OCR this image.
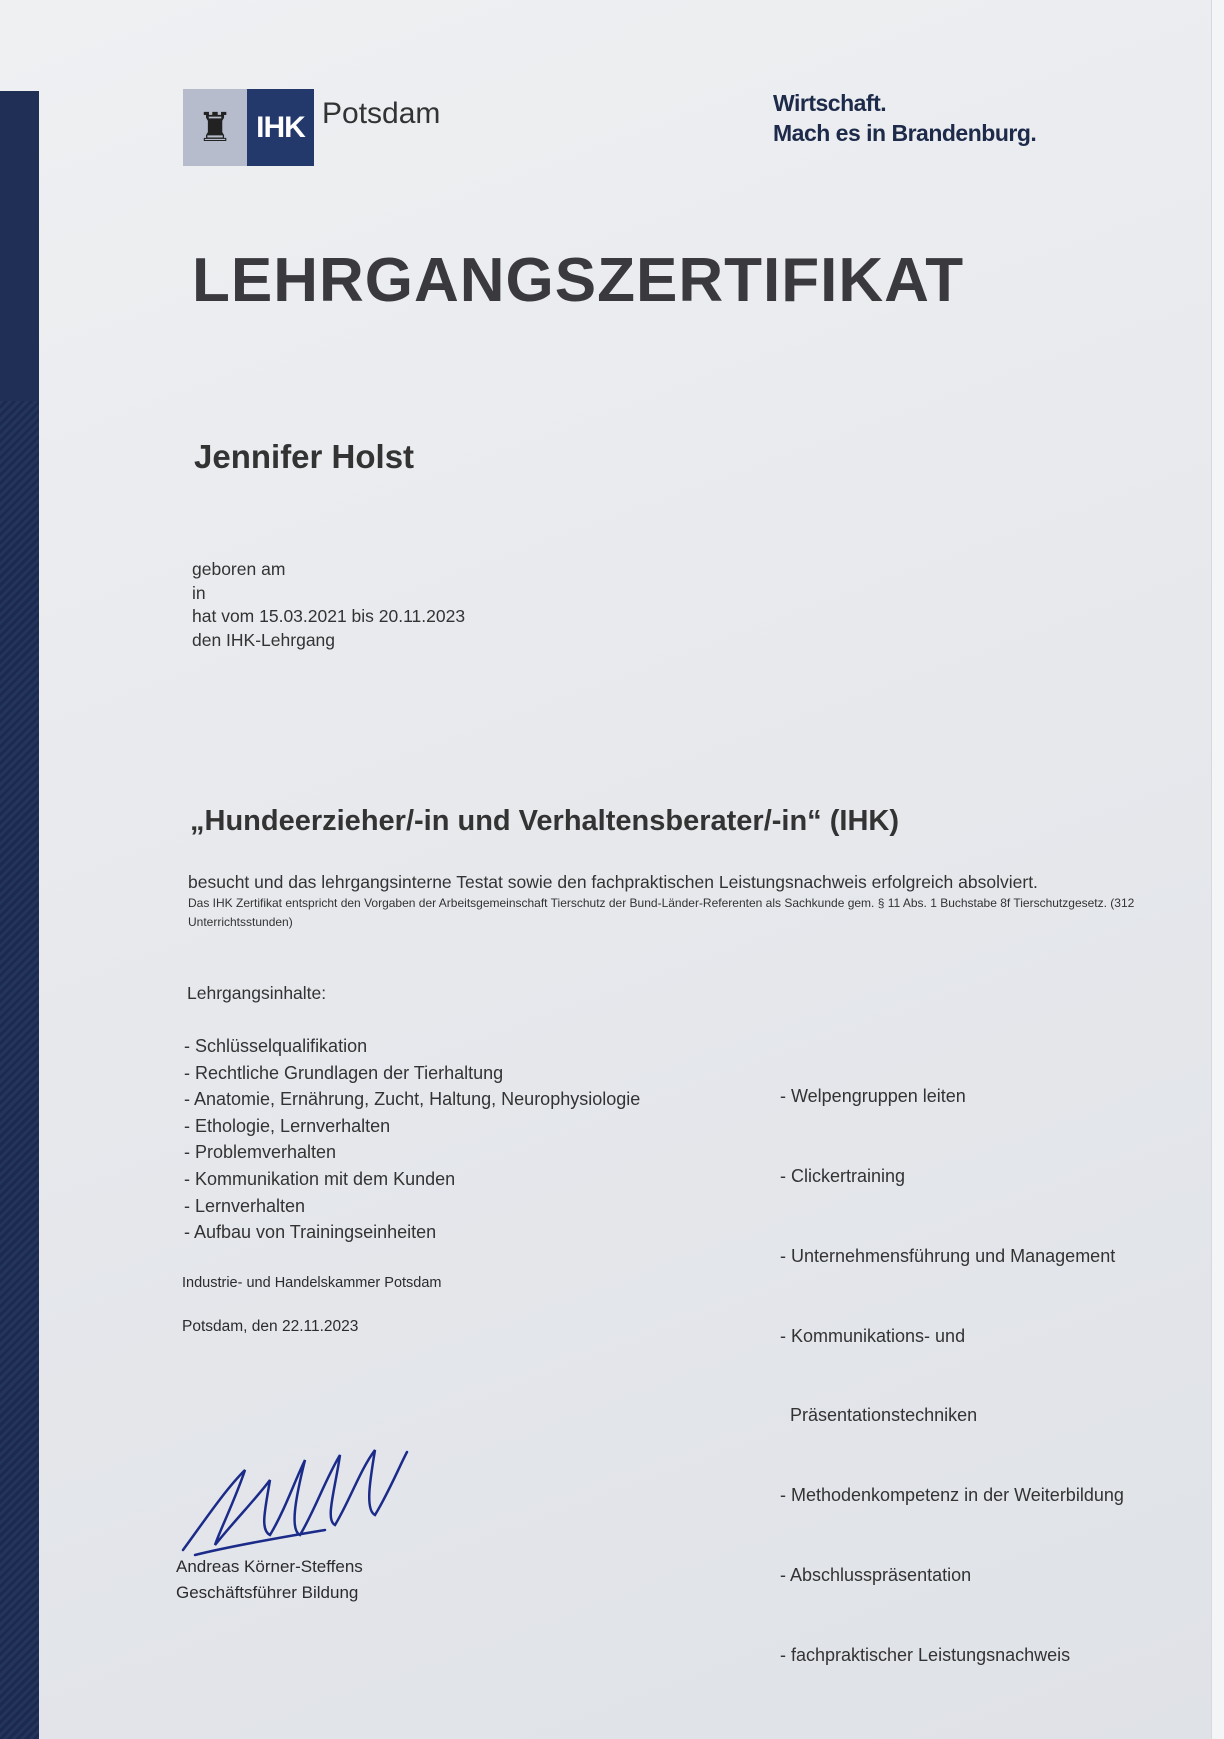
♜ IHK Potsdam	Wirtschaft.
Mach es in Brandenburg.
LEHRGANGSZERTIFIKAT
Jennifer Holst
geboren am
in
hat vom 15.03.2021 bis 20.11.2023
den IHK-Lehrgang
„Hundeerzieher/-in und Verhaltensberater/-in“ (IHK)
besucht und das lehrgangsinterne Testat sowie den fachpraktischen Leistungsnachweis erfolgreich absolviert.
Das IHK Zertifikat entspricht den Vorgaben der Arbeitsgemeinschaft Tierschutz der Bund-Länder-Referenten als Sachkunde gem. § 11 Abs. 1 Buchstabe 8f Tierschutzgesetz. (312 Unterrichtsstunden)
Lehrgangsinhalte:
- Schlüsselqualifikation
- Rechtliche Grundlagen der Tierhaltung
- Anatomie, Ernährung, Zucht, Haltung, Neurophysiologie
- Ethologie, Lernverhalten
- Problemverhalten
- Kommunikation mit dem Kunden
- Lernverhalten
- Aufbau von Trainingseinheiten

- Welpengruppen leiten

- Clickertraining

- Unternehmensführung und Management

- Kommunikations- und

Präsentationstechniken

- Methodenkompetenz in der Weiterbildung

- Abschlusspräsentation

- fachpraktischer Leistungsnachweis

Industrie- und Handelskammer Potsdam
Potsdam, den 22.11.2023
Andreas Körner-Steffens
Geschäftsführer Bildung
